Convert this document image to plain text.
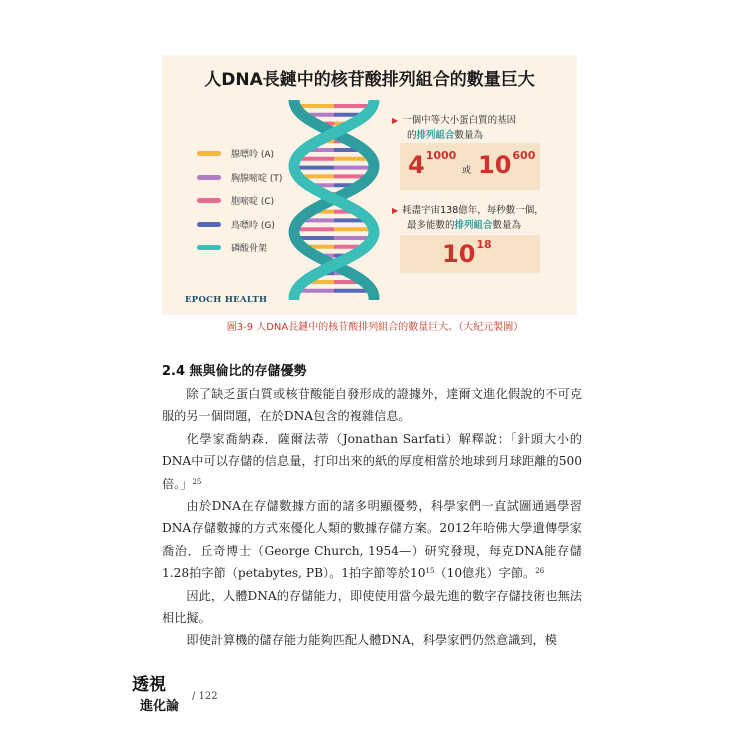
人DNA長鏈中的核苷酸排列組合的數量巨大
腺嘌呤 (A)
胸腺嘧啶 (T)
胞嘧啶 (C)
鳥嘌呤 (G)
磷酸骨架
EPOCH HEALTH
▶ 一個中等大小蛋白質的基因
的排列組合數量為
$4^{1000}$
或 $10^{600}$
▶ 耗盡宇宙138億年，每秒數一個，
最多能數的排列組合數量為
$10^{18}$
圖3-9 人DNA長鏈中的核苷酸排列組合的數量巨大。（大紀元製圖）
2.4 無與倫比的存儲優勢

除了缺乏蛋白質或核苷酸能自發形成的證據外，達爾文進化假說的不可克服的另一個問題，在於DNA包含的複雜信息。

化學家喬納森．薩爾法蒂（Jonathan Sarfati）解釋說：「針頭大小的DNA中可以存儲的信息量，打印出來的紙的厚度相當於地球到月球距離的500倍。」$^{25}$

由於DNA在存儲數據方面的諸多明顯優勢，科學家們一直試圖通過學習DNA存儲數據的方式來優化人類的數據存儲方案。2012年哈佛大學遺傳學家喬治．丘奇博士（George Church, 1954—）研究發現，每克DNA能存儲1.28拍字節（petabytes, PB）。1拍字節等於$10^{15}(10$億兆）字節。$^{26}$

因此，人體DNA的存儲能力，即使使用當今最先進的數字存儲技術也無法相比擬。

即使計算機的儲存能力能夠匹配人體DNA，科學家們仍然意識到，模

透視
進化論
/ 122
